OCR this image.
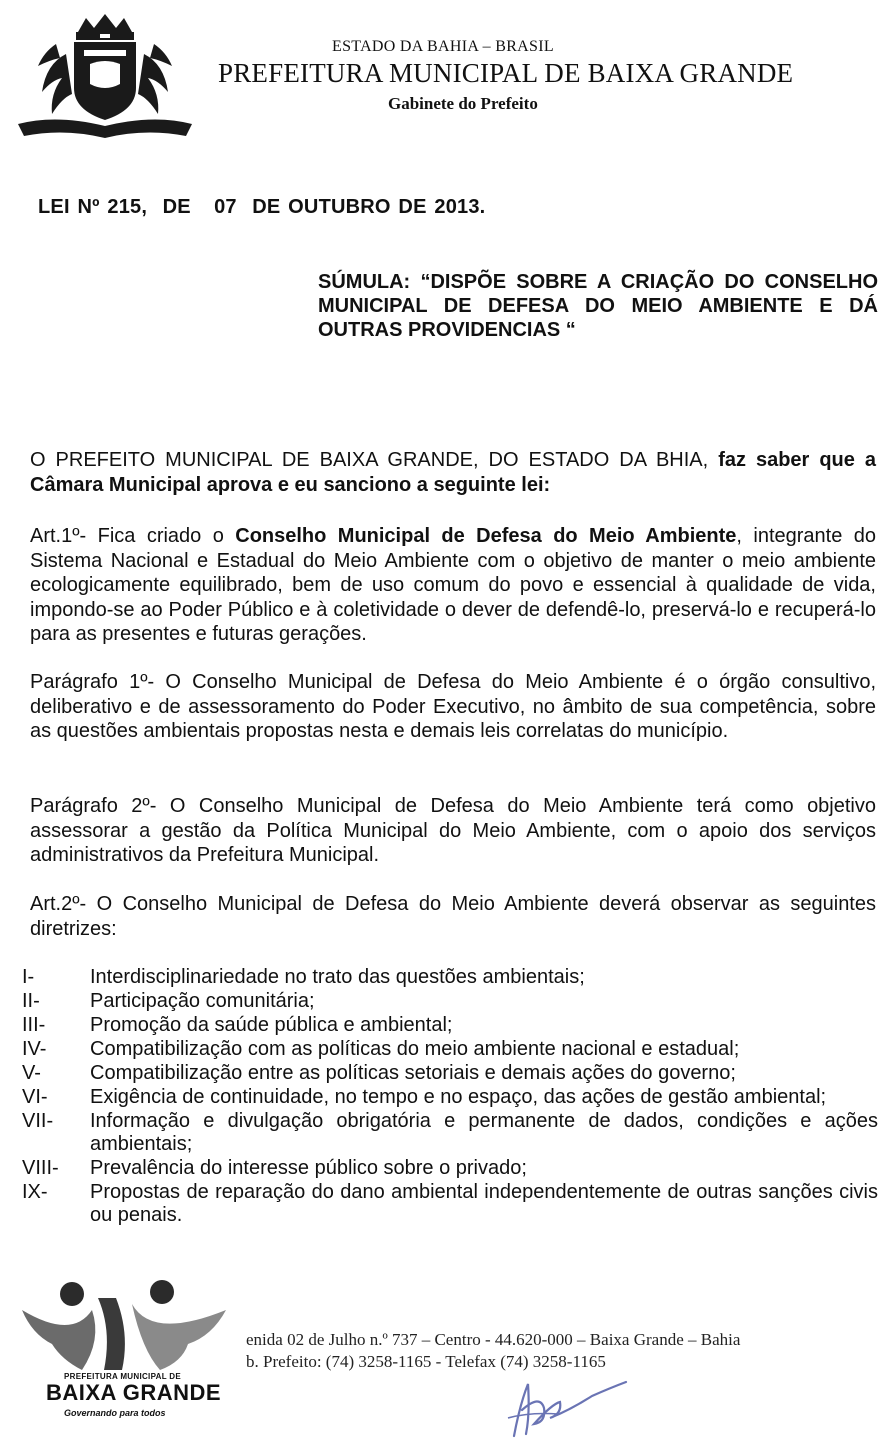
ESTADO DA BAHIA – BRASIL
PREFEITURA MUNICIPAL DE BAIXA GRANDE
Gabinete do Prefeito
LEI Nº 215,  DE   07  DE OUTUBRO DE 2013.
SÚMULA: “DISPÕE SOBRE A CRIAÇÃO DO CONSELHO MUNICIPAL DE DEFESA DO MEIO AMBIENTE E DÁ OUTRAS PROVIDENCIAS “
O PREFEITO MUNICIPAL DE BAIXA GRANDE, DO ESTADO DA BHIA, faz saber que a Câmara Municipal aprova e eu sanciono a seguinte lei:
Art.1º- Fica criado o Conselho Municipal de Defesa do Meio Ambiente, integrante do Sistema Nacional e Estadual do Meio Ambiente com o objetivo de manter o meio ambiente ecologicamente equilibrado, bem de uso comum do povo e essencial à qualidade de vida, impondo-se ao Poder Público e à coletividade o dever de defendê-lo, preservá-lo e recuperá-lo para as presentes e futuras gerações.
Parágrafo 1º- O Conselho Municipal de Defesa do Meio Ambiente é o órgão consultivo, deliberativo e de assessoramento do Poder Executivo, no âmbito de sua competência, sobre as questões ambientais propostas nesta e demais leis correlatas do município.
Parágrafo 2º- O Conselho Municipal de Defesa do Meio Ambiente terá como objetivo assessorar a gestão da Política Municipal do Meio Ambiente, com o apoio dos serviços administrativos da Prefeitura Municipal.
Art.2º- O Conselho Municipal de Defesa do Meio Ambiente deverá observar as seguintes diretrizes:
I-	Interdisciplinariedade no trato das questões ambientais;
II-	Participação comunitária;
III-	Promoção da saúde pública e ambiental;
IV-	Compatibilização com as políticas do meio ambiente nacional e estadual;
V-	Compatibilização entre as políticas setoriais e demais ações do governo;
VI-	Exigência de continuidade, no tempo e no espaço, das ações de gestão ambiental;
VII-	Informação e divulgação obrigatória e permanente de dados, condições e ações ambientais;
VIII-	Prevalência do interesse público sobre o privado;
IX-	Propostas de reparação do dano ambiental independentemente de outras sanções civis ou penais.
PREFEITURA MUNICIPAL DE
BAIXA GRANDE
Governando para todos
enida 02 de Julho n.º 737 – Centro - 44.620-000 – Baixa Grande – Bahia
b. Prefeito: (74) 3258-1165 - Telefax (74) 3258-1165
